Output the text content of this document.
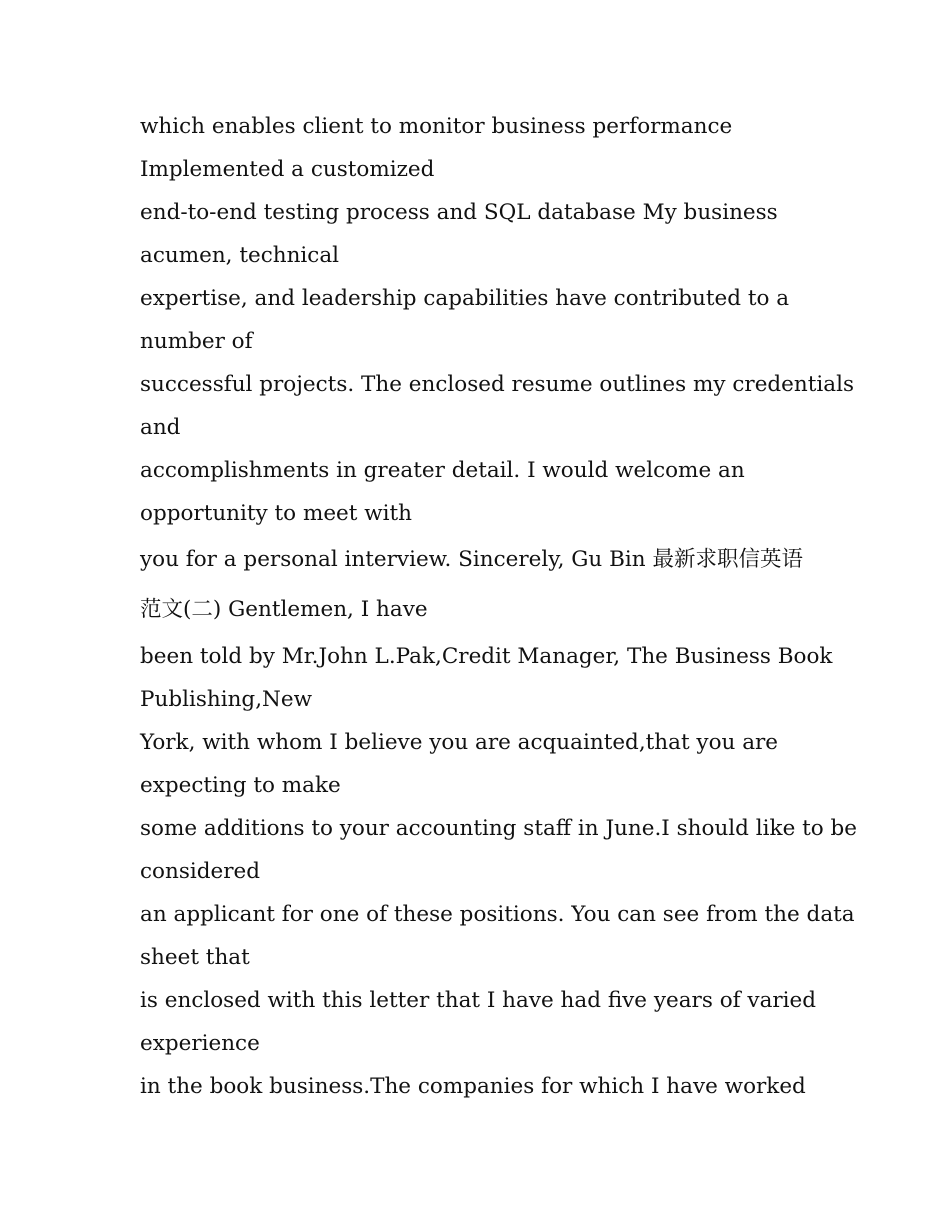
which enables client to monitor business performance
Implemented a customized
end-to-end testing process and SQL database My business
acumen, technical
expertise, and leadership capabilities have contributed to a
number of
successful projects. The enclosed resume outlines my credentials
and
accomplishments in greater detail. I would welcome an
opportunity to meet with
you for a personal interview. Sincerely, Gu Bin 最新求职信英语
范文(二) Gentlemen, I have
been told by Mr.John L.Pak,Credit Manager, The Business Book
Publishing,New
York, with whom I believe you are acquainted,that you are
expecting to make
some additions to your accounting staff in June.I should like to be
considered
an applicant for one of these positions. You can see from the data
sheet that
is enclosed with this letter that I have had five years of varied
experience
in the book business.The companies for which I have worked
